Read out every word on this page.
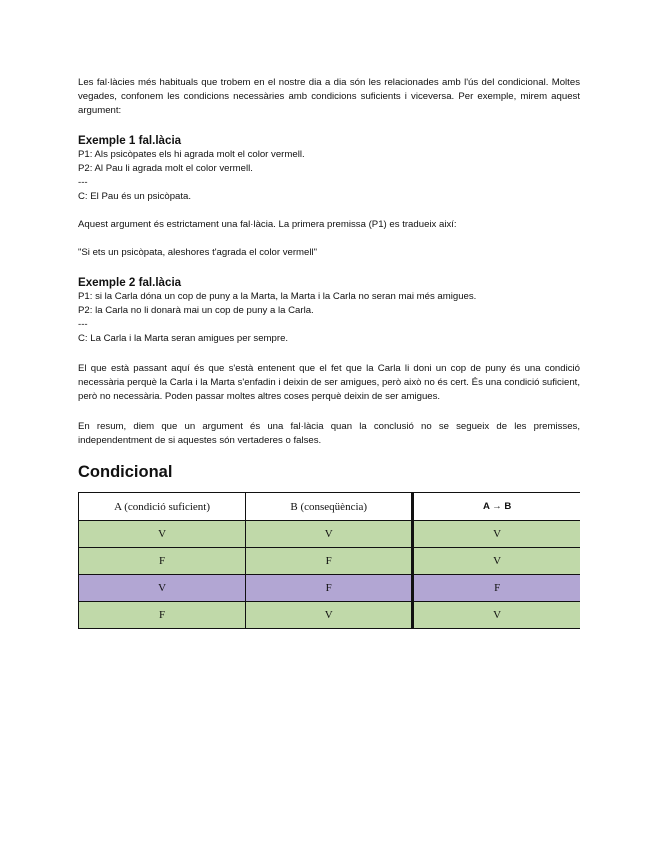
Les fal·làcies més habituals que trobem en el nostre dia a dia són les relacionades amb l'ús del condicional. Moltes vegades, confonem les condicions necessàries amb condicions suficients i viceversa. Per exemple, mirem aquest argument:

Exemple 1 fal.làcia
P1: Als psicòpates els hi agrada molt el color vermell.
P2: Al Pau li agrada molt el color vermell.
---
C: El Pau és un psicòpata.

Aquest argument és estrictament una fal·làcia. La primera premissa (P1) es tradueix així:

"Si ets un psicòpata, aleshores t'agrada el color vermell"

Exemple 2 fal.làcia
P1: si la Carla dóna un cop de puny a la Marta, la Marta i la Carla no seran mai més amigues.
P2: la Carla no li donarà mai un cop de puny a la Carla.
---
C: La Carla i la Marta seran amigues per sempre.

El que està passant aquí és que s'està entenent que el fet que la Carla li doni un cop de puny és una condició necessària perquè la Carla i la Marta s'enfadin i deixin de ser amigues, però això no és cert. És una condició suficient, però no necessària. Poden passar moltes altres coses perquè deixin de ser amigues.

En resum, diem que un argument és una fal·làcia quan la conclusió no se segueix de les premisses, independentment de si aquestes són vertaderes o falses.

Condicional
A (condició suficient)	B (conseqüència)	A → B
V	V	V
F	F	V
V	F	F
F	V	V
